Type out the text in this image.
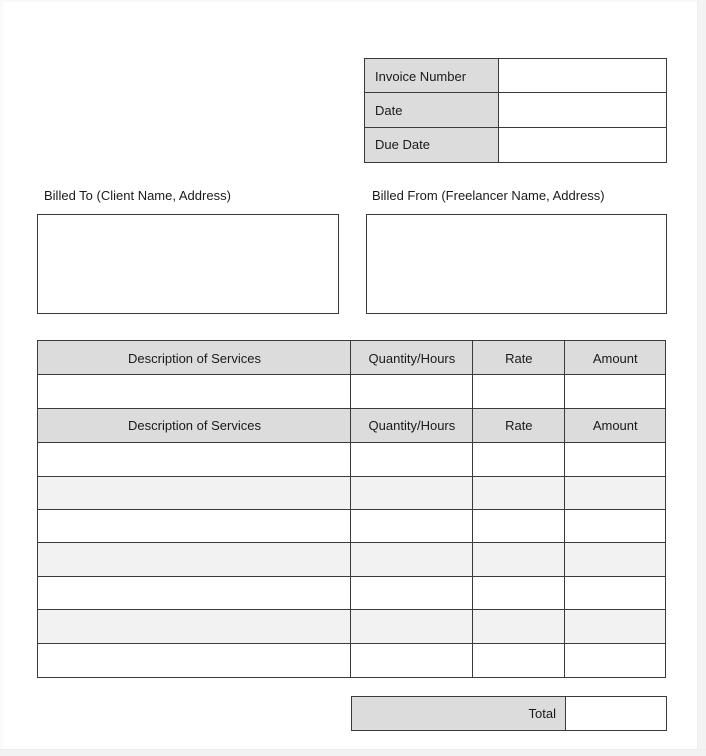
Invoice Number
Date
Due Date
Billed To (Client Name, Address)	Billed From (Freelancer Name, Address)
Description of Services	Quantity/Hours	Rate	Amount
Description of Services	Quantity/Hours	Rate	Amount
Total
